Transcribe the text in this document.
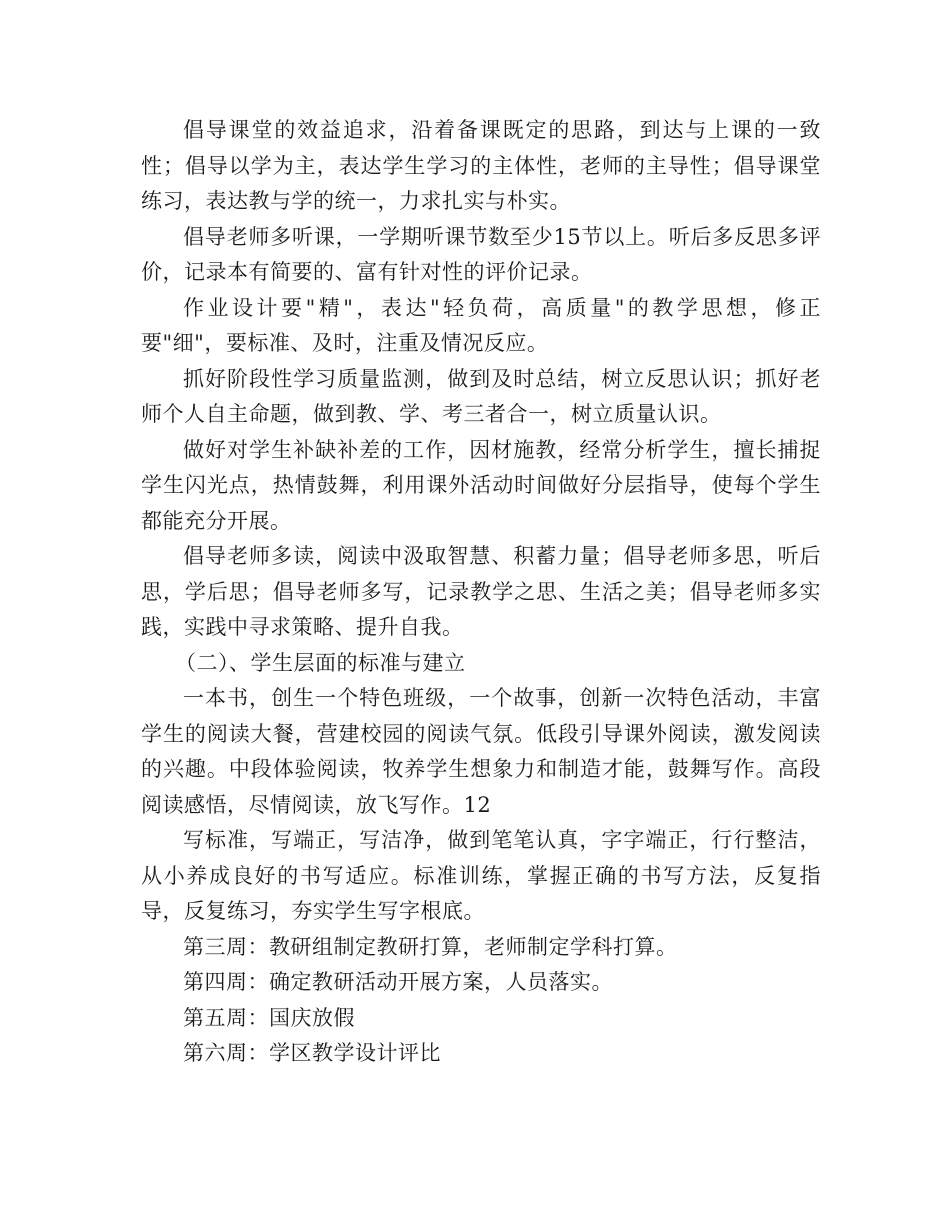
倡导课堂的效益追求，沿着备课既定的思路，到达与上课的一致性；倡导以学为主，表达学生学习的主体性，老师的主导性；倡导课堂练习，表达教与学的统一，力求扎实与朴实。

倡导老师多听课，一学期听课节数至少15节以上。听后多反思多评价，记录本有简要的、富有针对性的评价记录。

作业设计要"精"，表达"轻负荷，高质量"的教学思想，修正要"细"，要标准、及时，注重及情况反应。

抓好阶段性学习质量监测，做到及时总结，树立反思认识；抓好老师个人自主命题，做到教、学、考三者合一，树立质量认识。

做好对学生补缺补差的工作，因材施教，经常分析学生，擅长捕捉学生闪光点，热情鼓舞，利用课外活动时间做好分层指导，使每个学生都能充分开展。

倡导老师多读，阅读中汲取智慧、积蓄力量；倡导老师多思，听后思，学后思；倡导老师多写，记录教学之思、生活之美；倡导老师多实践，实践中寻求策略、提升自我。

（二）、学生层面的标准与建立

一本书，创生一个特色班级，一个故事，创新一次特色活动，丰富学生的阅读大餐，营建校园的阅读气氛。低段引导课外阅读，激发阅读的兴趣。中段体验阅读，牧养学生想象力和制造才能，鼓舞写作。高段阅读感悟，尽情阅读，放飞写作。12

写标准，写端正，写洁净，做到笔笔认真，字字端正，行行整洁，从小养成良好的书写适应。标准训练，掌握正确的书写方法，反复指导，反复练习，夯实学生写字根底。

第三周：教研组制定教研打算，老师制定学科打算。

第四周：确定教研活动开展方案，人员落实。

第五周：国庆放假

第六周：学区教学设计评比
